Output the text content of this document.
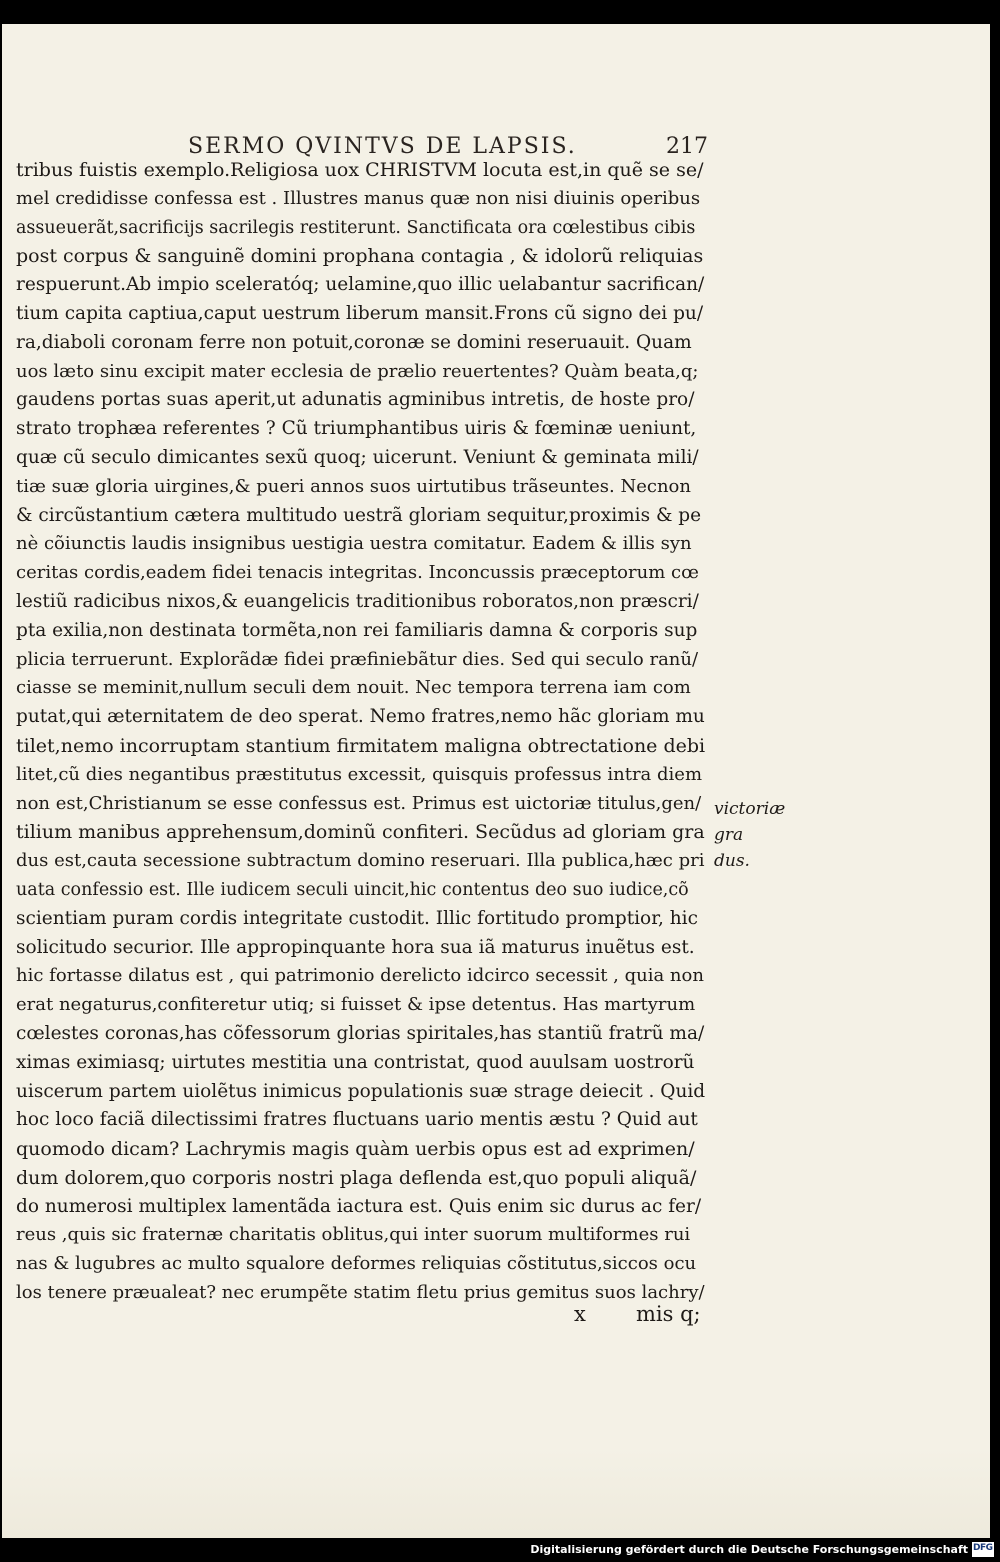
SERMO QVINTVS DE LAPSIS.	217
tribus fuistis exemplo.Religiosa uox CHRISTVM locuta est,in quẽ se se/
mel credidisse confessa est . Illustres manus quæ non nisi diuinis operibus
assueuerãt,sacrificijs sacrilegis restiterunt. Sanctificata ora cœlestibus cibis
post corpus & sanguinẽ domini prophana contagia , & idolorũ reliquias
respuerunt.Ab impio sceleratóq; uelamine,quo illic uelabantur sacrifican/
tium capita captiua,caput uestrum liberum mansit.Frons cũ signo dei pu/
ra,diaboli coronam ferre non potuit,coronæ se domini reseruauit. Quam
uos læto sinu excipit mater ecclesia de prælio reuertentes? Quàm beata,q;
gaudens portas suas aperit,ut adunatis agminibus intretis, de hoste pro/
strato trophæa referentes ? Cũ triumphantibus uiris & fœminæ ueniunt,
quæ cũ seculo dimicantes sexũ quoq; uicerunt. Veniunt & geminata mili/
tiæ suæ gloria uirgines,& pueri annos suos uirtutibus trãseuntes. Necnon
& circũstantium cætera multitudo uestrã gloriam sequitur,proximis & pe
nè cõiunctis laudis insignibus uestigia uestra comitatur. Eadem & illis syn
ceritas cordis,eadem fidei tenacis integritas. Inconcussis præceptorum cœ
lestiũ radicibus nixos,& euangelicis traditionibus roboratos,non præscri/
pta exilia,non destinata tormẽta,non rei familiaris damna & corporis sup
plicia terruerunt. Explorãdæ fidei præfiniebãtur dies. Sed qui seculo ranũ/
ciasse se meminit,nullum seculi dem nouit. Nec tempora terrena iam com
putat,qui æternitatem de deo sperat. Nemo fratres,nemo hãc gloriam mu
tilet,nemo incorruptam stantium firmitatem maligna obtrectatione debi
litet,cũ dies negantibus præstitutus excessit, quisquis professus intra diem
non est,Christianum se esse confessus est. Primus est uictoriæ titulus,gen/
tilium manibus apprehensum,dominũ confiteri. Secũdus ad gloriam gra
dus est,cauta secessione subtractum domino reseruari. Illa publica,hæc pri
uata confessio est. Ille iudicem seculi uincit,hic contentus deo suo iudice,cõ
scientiam puram cordis integritate custodit. Illic fortitudo promptior, hic
solicitudo securior. Ille appropinquante hora sua iã maturus inuẽtus est.
hic fortasse dilatus est , qui patrimonio derelicto idcirco secessit , quia non
erat negaturus,confiteretur utiq; si fuisset & ipse detentus. Has martyrum
cœlestes coronas,has cõfessorum glorias spiritales,has stantiũ fratrũ ma/
ximas eximiasq; uirtutes mestitia una contristat, quod auulsam uostrorũ
uiscerum partem uiolẽtus inimicus populationis suæ strage deiecit . Quid
hoc loco faciã dilectissimi fratres fluctuans uario mentis æstu ? Quid aut
quomodo dicam? Lachrymis magis quàm uerbis opus est ad exprimen/
dum dolorem,quo corporis nostri plaga deflenda est,quo populi aliquã/
do numerosi multiplex lamentãda iactura est. Quis enim sic durus ac fer/
reus ,quis sic fraternæ charitatis oblitus,qui inter suorum multiformes rui
nas & lugubres ac multo squalore deformes reliquias cõstitutus,siccos ocu
los tenere præualeat? nec erumpẽte statim fletu prius gemitus suos lachry/
victoriæ gra
dus.
x mis q;
Digitalisierung gefördert durch die Deutsche Forschungsgemeinschaft DFG
